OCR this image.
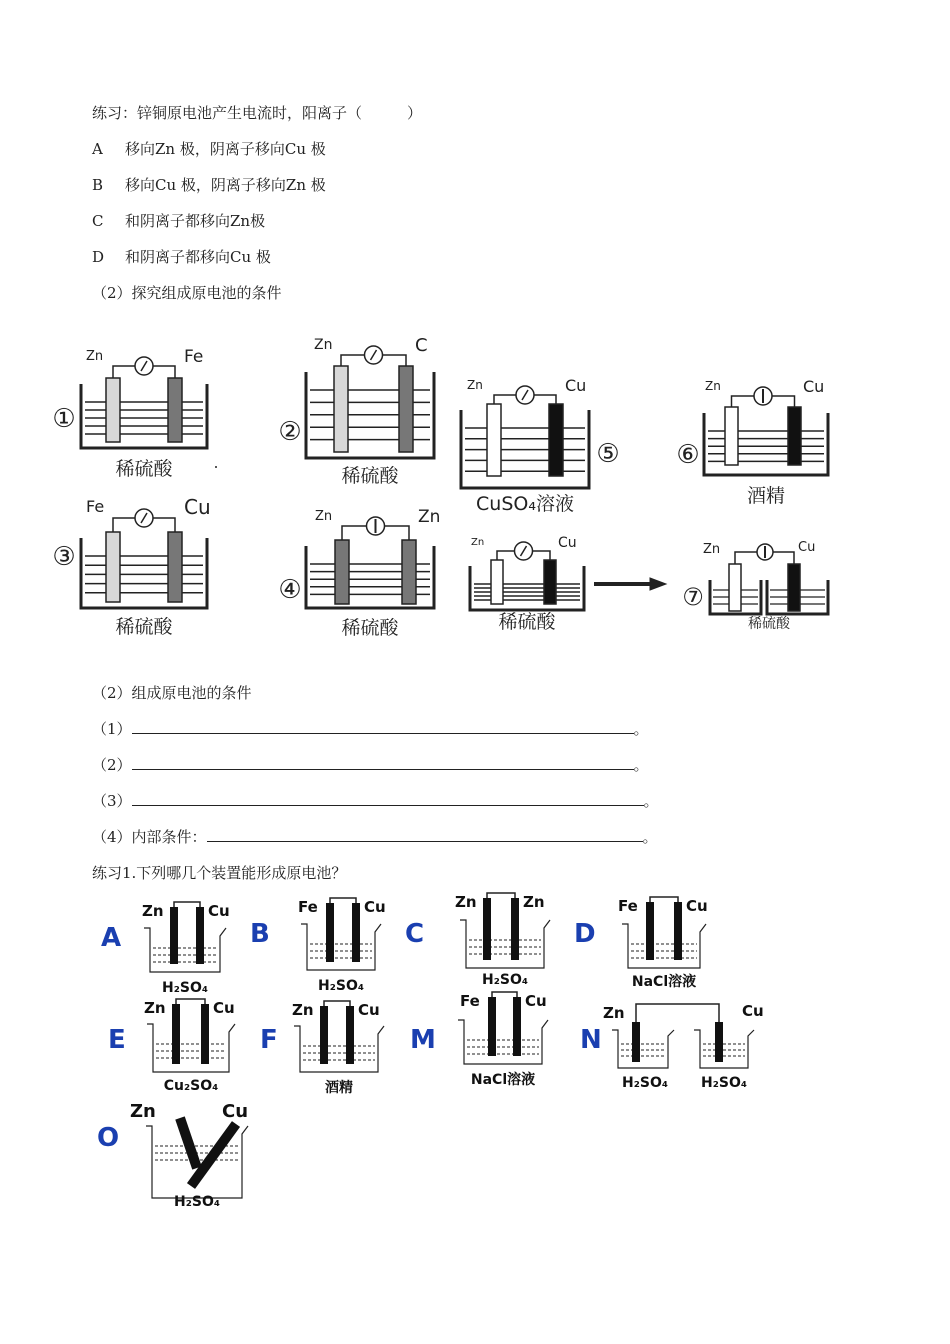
练习：锌铜原电池产生电流时，阳离子（　　　）
A 移向Zn 极，阴离子移向Cu 极
B 移向Cu 极，阴离子移向Zn 极
C 和阴离子都移向Zn极
D 和阴离子都移向Cu 极
（2）探究组成原电池的条件
Zn	Fe
稀硫酸
①
Zn	C
稀硫酸
②
Fe	Cu
稀硫酸
③
Zn	Zn
稀硫酸
④
Zn	Cu
CuSO₄溶液
⑤
Zn	Cu
酒精
⑥
Zn	Cu
稀硫酸
Zn	Cu
稀硫酸
⑦
A
Zn	Cu
H₂SO₄
B
Fe	Cu
H₂SO₄
C
Zn	Zn
H₂SO₄
D
Fe	Cu
NaCl溶液
E
Zn	Cu
Cu₂SO₄
F
Zn	Cu
酒精
M
Fe	Cu
NaCl溶液
O
H₂SO₄
Zn	Cu
N
Zn	Cu
H₂SO₄ H₂SO₄
（2）组成原电池的条件
（1）	。
（2）	。
（3）	。
（4）内部条件：	。
练习1.下列哪几个装置能形成原电池？
